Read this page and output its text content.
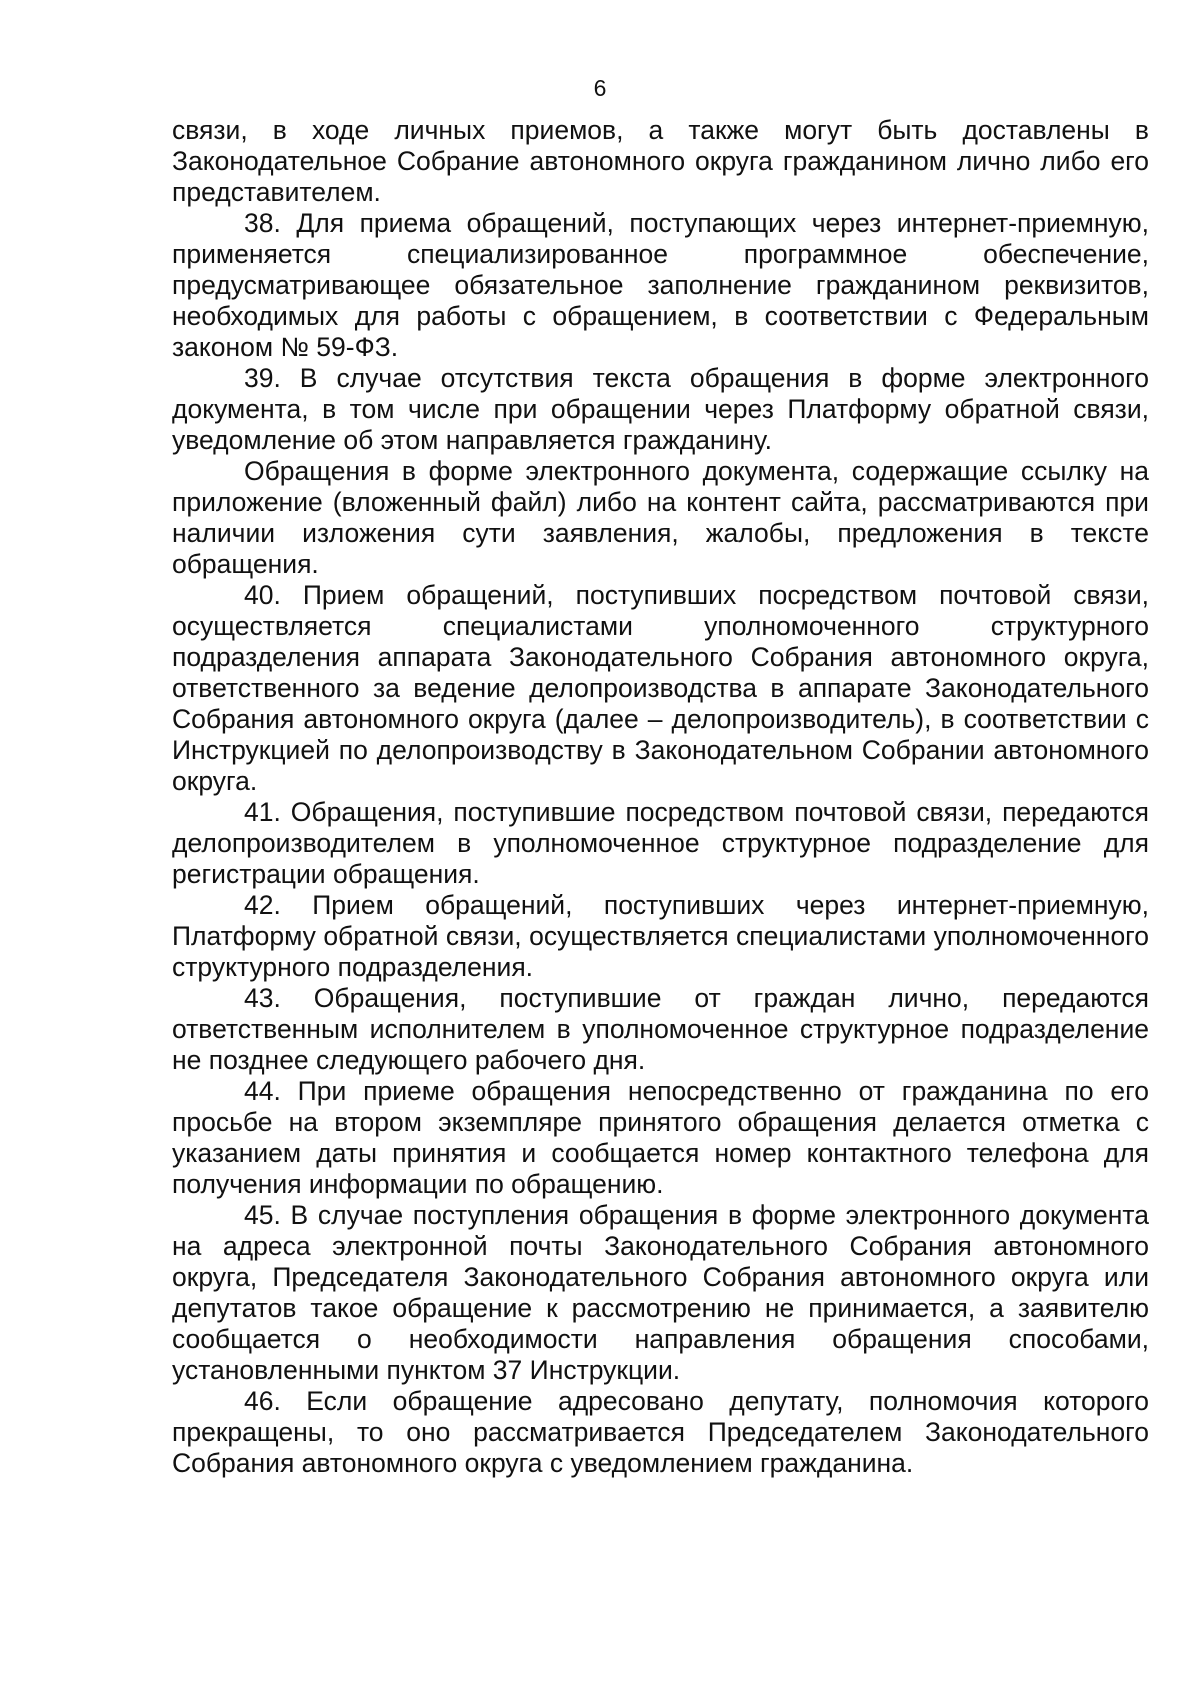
6

связи, в ходе личных приемов, а также могут быть доставлены в Законодательное Собрание автономного округа гражданином лично либо его представителем.

38. Для приема обращений, поступающих через интернет-приемную, применяется специализированное программное обеспечение, предусматривающее обязательное заполнение гражданином реквизитов, необходимых для работы с обращением, в соответствии с Федеральным законом № 59-ФЗ.

39. В случае отсутствия текста обращения в форме электронного документа, в том числе при обращении через Платформу обратной связи, уведомление об этом направляется гражданину.

Обращения в форме электронного документа, содержащие ссылку на приложение (вложенный файл) либо на контент сайта, рассматриваются при наличии изложения сути заявления, жалобы, предложения в тексте обращения.

40. Прием обращений, поступивших посредством почтовой связи, осуществляется специалистами уполномоченного структурного подразделения аппарата Законодательного Собрания автономного округа, ответственного за ведение делопроизводства в аппарате Законодательного Собрания автономного округа (далее – делопроизводитель), в соответствии с Инструкцией по делопроизводству в Законодательном Собрании автономного округа.

41. Обращения, поступившие посредством почтовой связи, передаются делопроизводителем в уполномоченное структурное подразделение для регистрации обращения.

42. Прием обращений, поступивших через интернет-приемную, Платформу обратной связи, осуществляется специалистами уполномоченного структурного подразделения.

43. Обращения, поступившие от граждан лично, передаются ответственным исполнителем в уполномоченное структурное подразделение не позднее следующего рабочего дня.

44. При приеме обращения непосредственно от гражданина по его просьбе на втором экземпляре принятого обращения делается отметка с указанием даты принятия и сообщается номер контактного телефона для получения информации по обращению.

45. В случае поступления обращения в форме электронного документа на адреса электронной почты Законодательного Собрания автономного округа, Председателя Законодательного Собрания автономного округа или депутатов такое обращение к рассмотрению не принимается, а заявителю сообщается о необходимости направления обращения способами, установленными пунктом 37 Инструкции.

46. Если обращение адресовано депутату, полномочия которого прекращены, то оно рассматривается Председателем Законодательного Собрания автономного округа с уведомлением гражданина.
